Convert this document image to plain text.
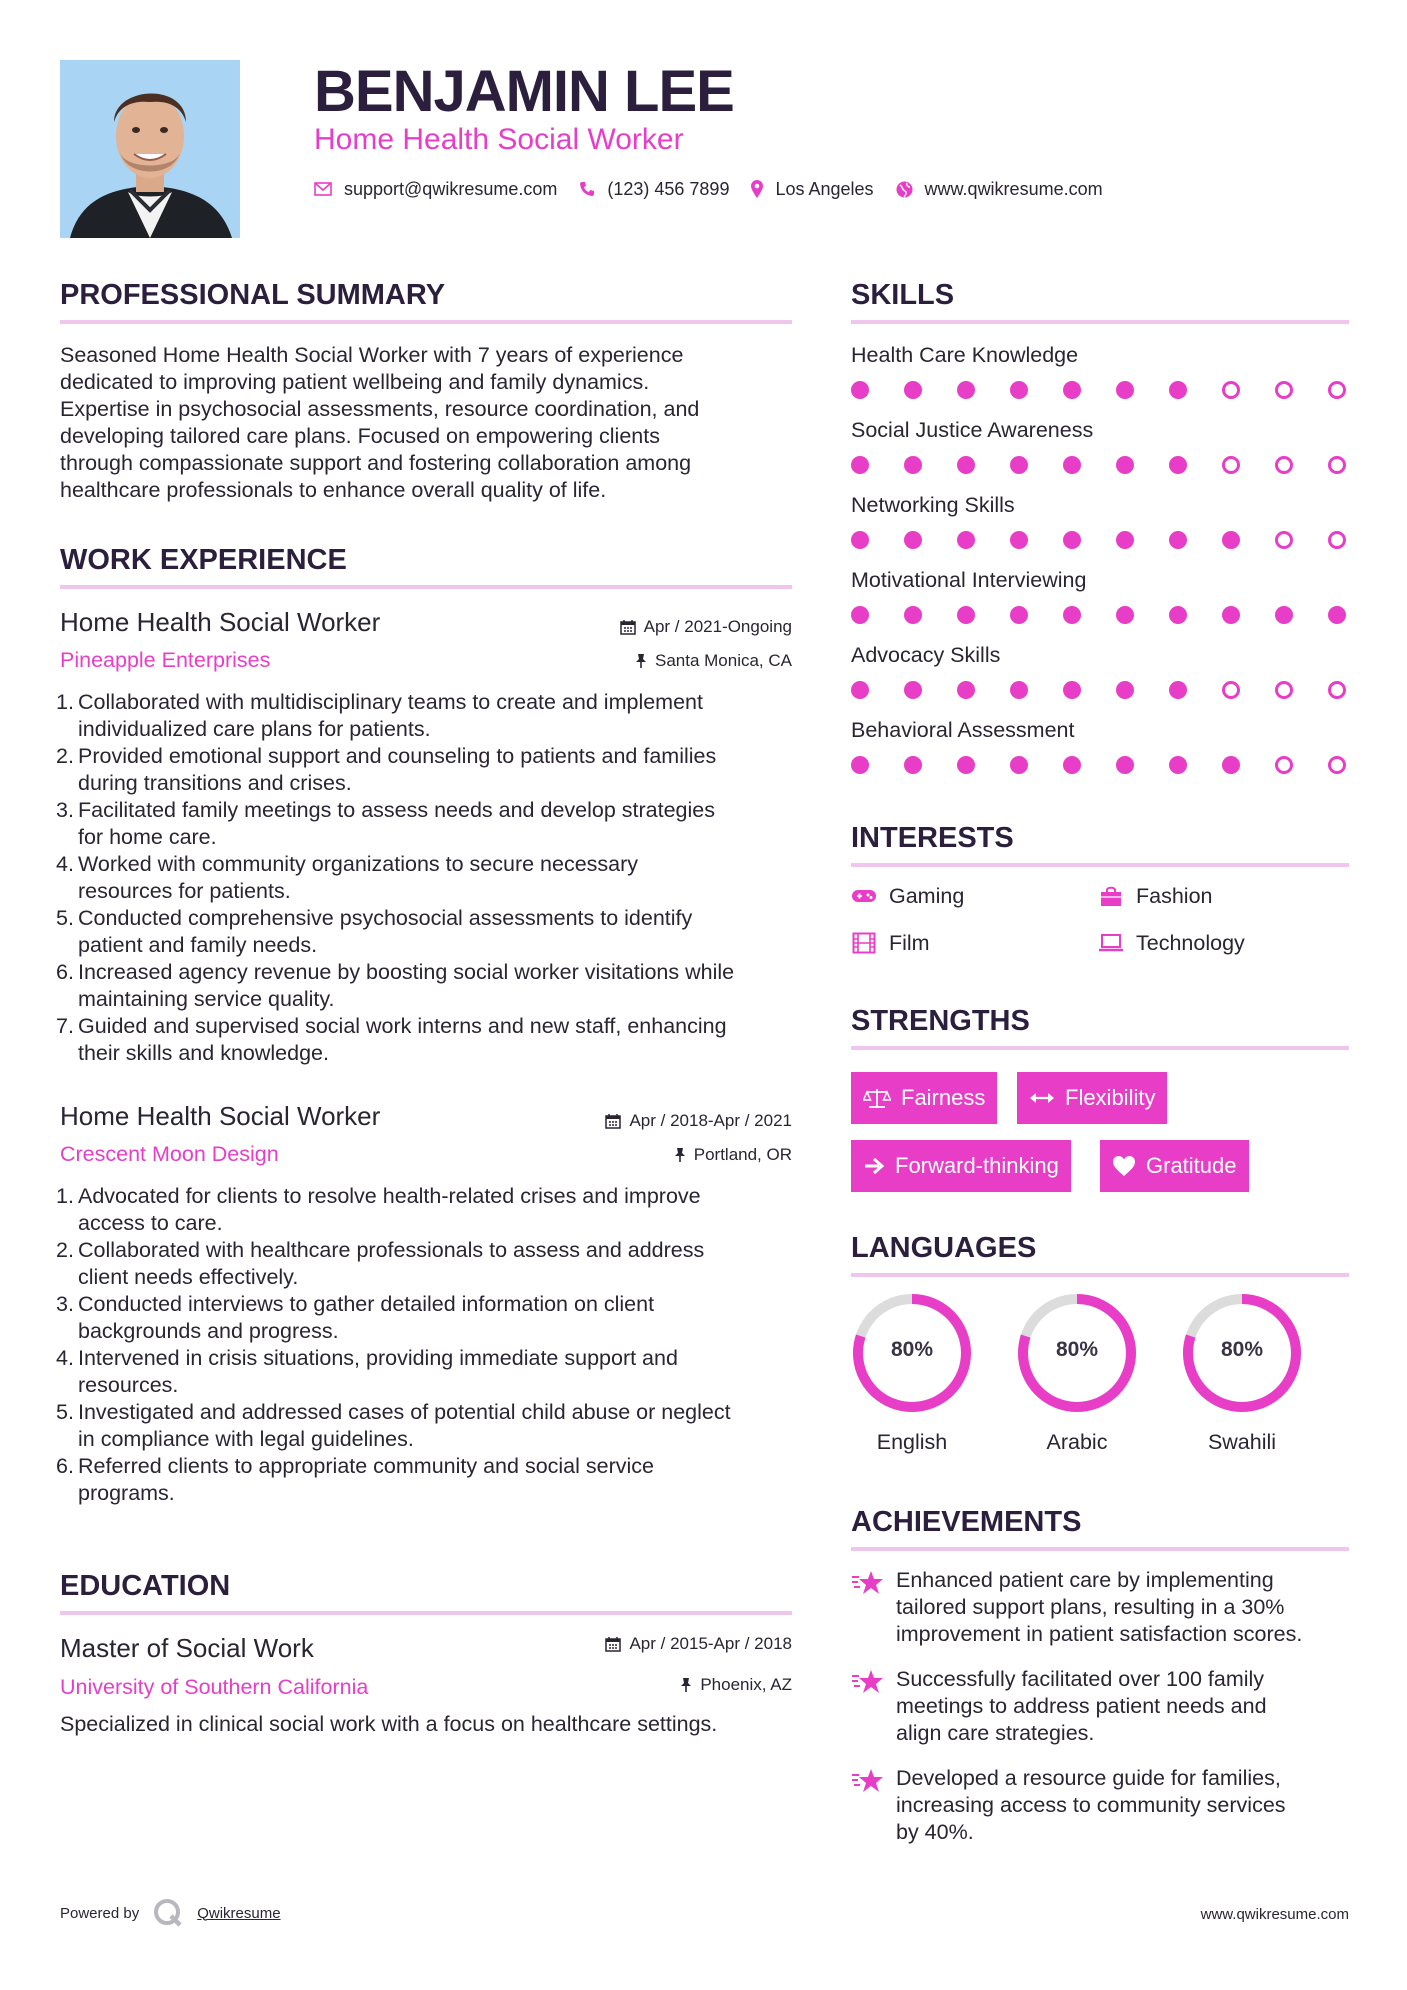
BENJAMIN LEE
Home Health Social Worker
support@qwikresume.com	(123) 456 7899	Los Angeles	www.qwikresume.com
PROFESSIONAL SUMMARY
Seasoned Home Health Social Worker with 7 years of experience
dedicated to improving patient wellbeing and family dynamics.
Expertise in psychosocial assessments, resource coordination, and
developing tailored care plans. Focused on empowering clients
through compassionate support and fostering collaboration among
healthcare professionals to enhance overall quality of life.
WORK EXPERIENCE
Home Health Social Worker
Pineapple Enterprises
Apr / 2021-Ongoing
Santa Monica, CA
1. Collaborated with multidisciplinary teams to create and implement
individualized care plans for patients.
2. Provided emotional support and counseling to patients and families
during transitions and crises.
3. Facilitated family meetings to assess needs and develop strategies
for home care.
4. Worked with community organizations to secure necessary
resources for patients.
5. Conducted comprehensive psychosocial assessments to identify
patient and family needs.
6. Increased agency revenue by boosting social worker visitations while
maintaining service quality.
7. Guided and supervised social work interns and new staff, enhancing
their skills and knowledge.
Home Health Social Worker
Crescent Moon Design
Apr / 2018-Apr / 2021
Portland, OR
1. Advocated for clients to resolve health-related crises and improve
access to care.
2. Collaborated with healthcare professionals to assess and address
client needs effectively.
3. Conducted interviews to gather detailed information on client
backgrounds and progress.
4. Intervened in crisis situations, providing immediate support and
resources.
5. Investigated and addressed cases of potential child abuse or neglect
in compliance with legal guidelines.
6. Referred clients to appropriate community and social service
programs.
EDUCATION
Master of Social Work
University of Southern California
Apr / 2015-Apr / 2018
Phoenix, AZ
Specialized in clinical social work with a focus on healthcare settings.
SKILLS
Health Care Knowledge
Social Justice Awareness
Networking Skills
Motivational Interviewing
Advocacy Skills
Behavioral Assessment
INTERESTS
Gaming	Fashion
Film	Technology
STRENGTHS
Fairness	Flexibility
Forward-thinking	Gratitude
LANGUAGES
80%
English
80%
Arabic
80%
Swahili
ACHIEVEMENTS
Enhanced patient care by implementing
tailored support plans, resulting in a 30%
improvement in patient satisfaction scores.
Successfully facilitated over 100 family
meetings to address patient needs and
align care strategies.
Developed a resource guide for families,
increasing access to community services
by 40%.
Powered by	Qwikresume	www.qwikresume.com
